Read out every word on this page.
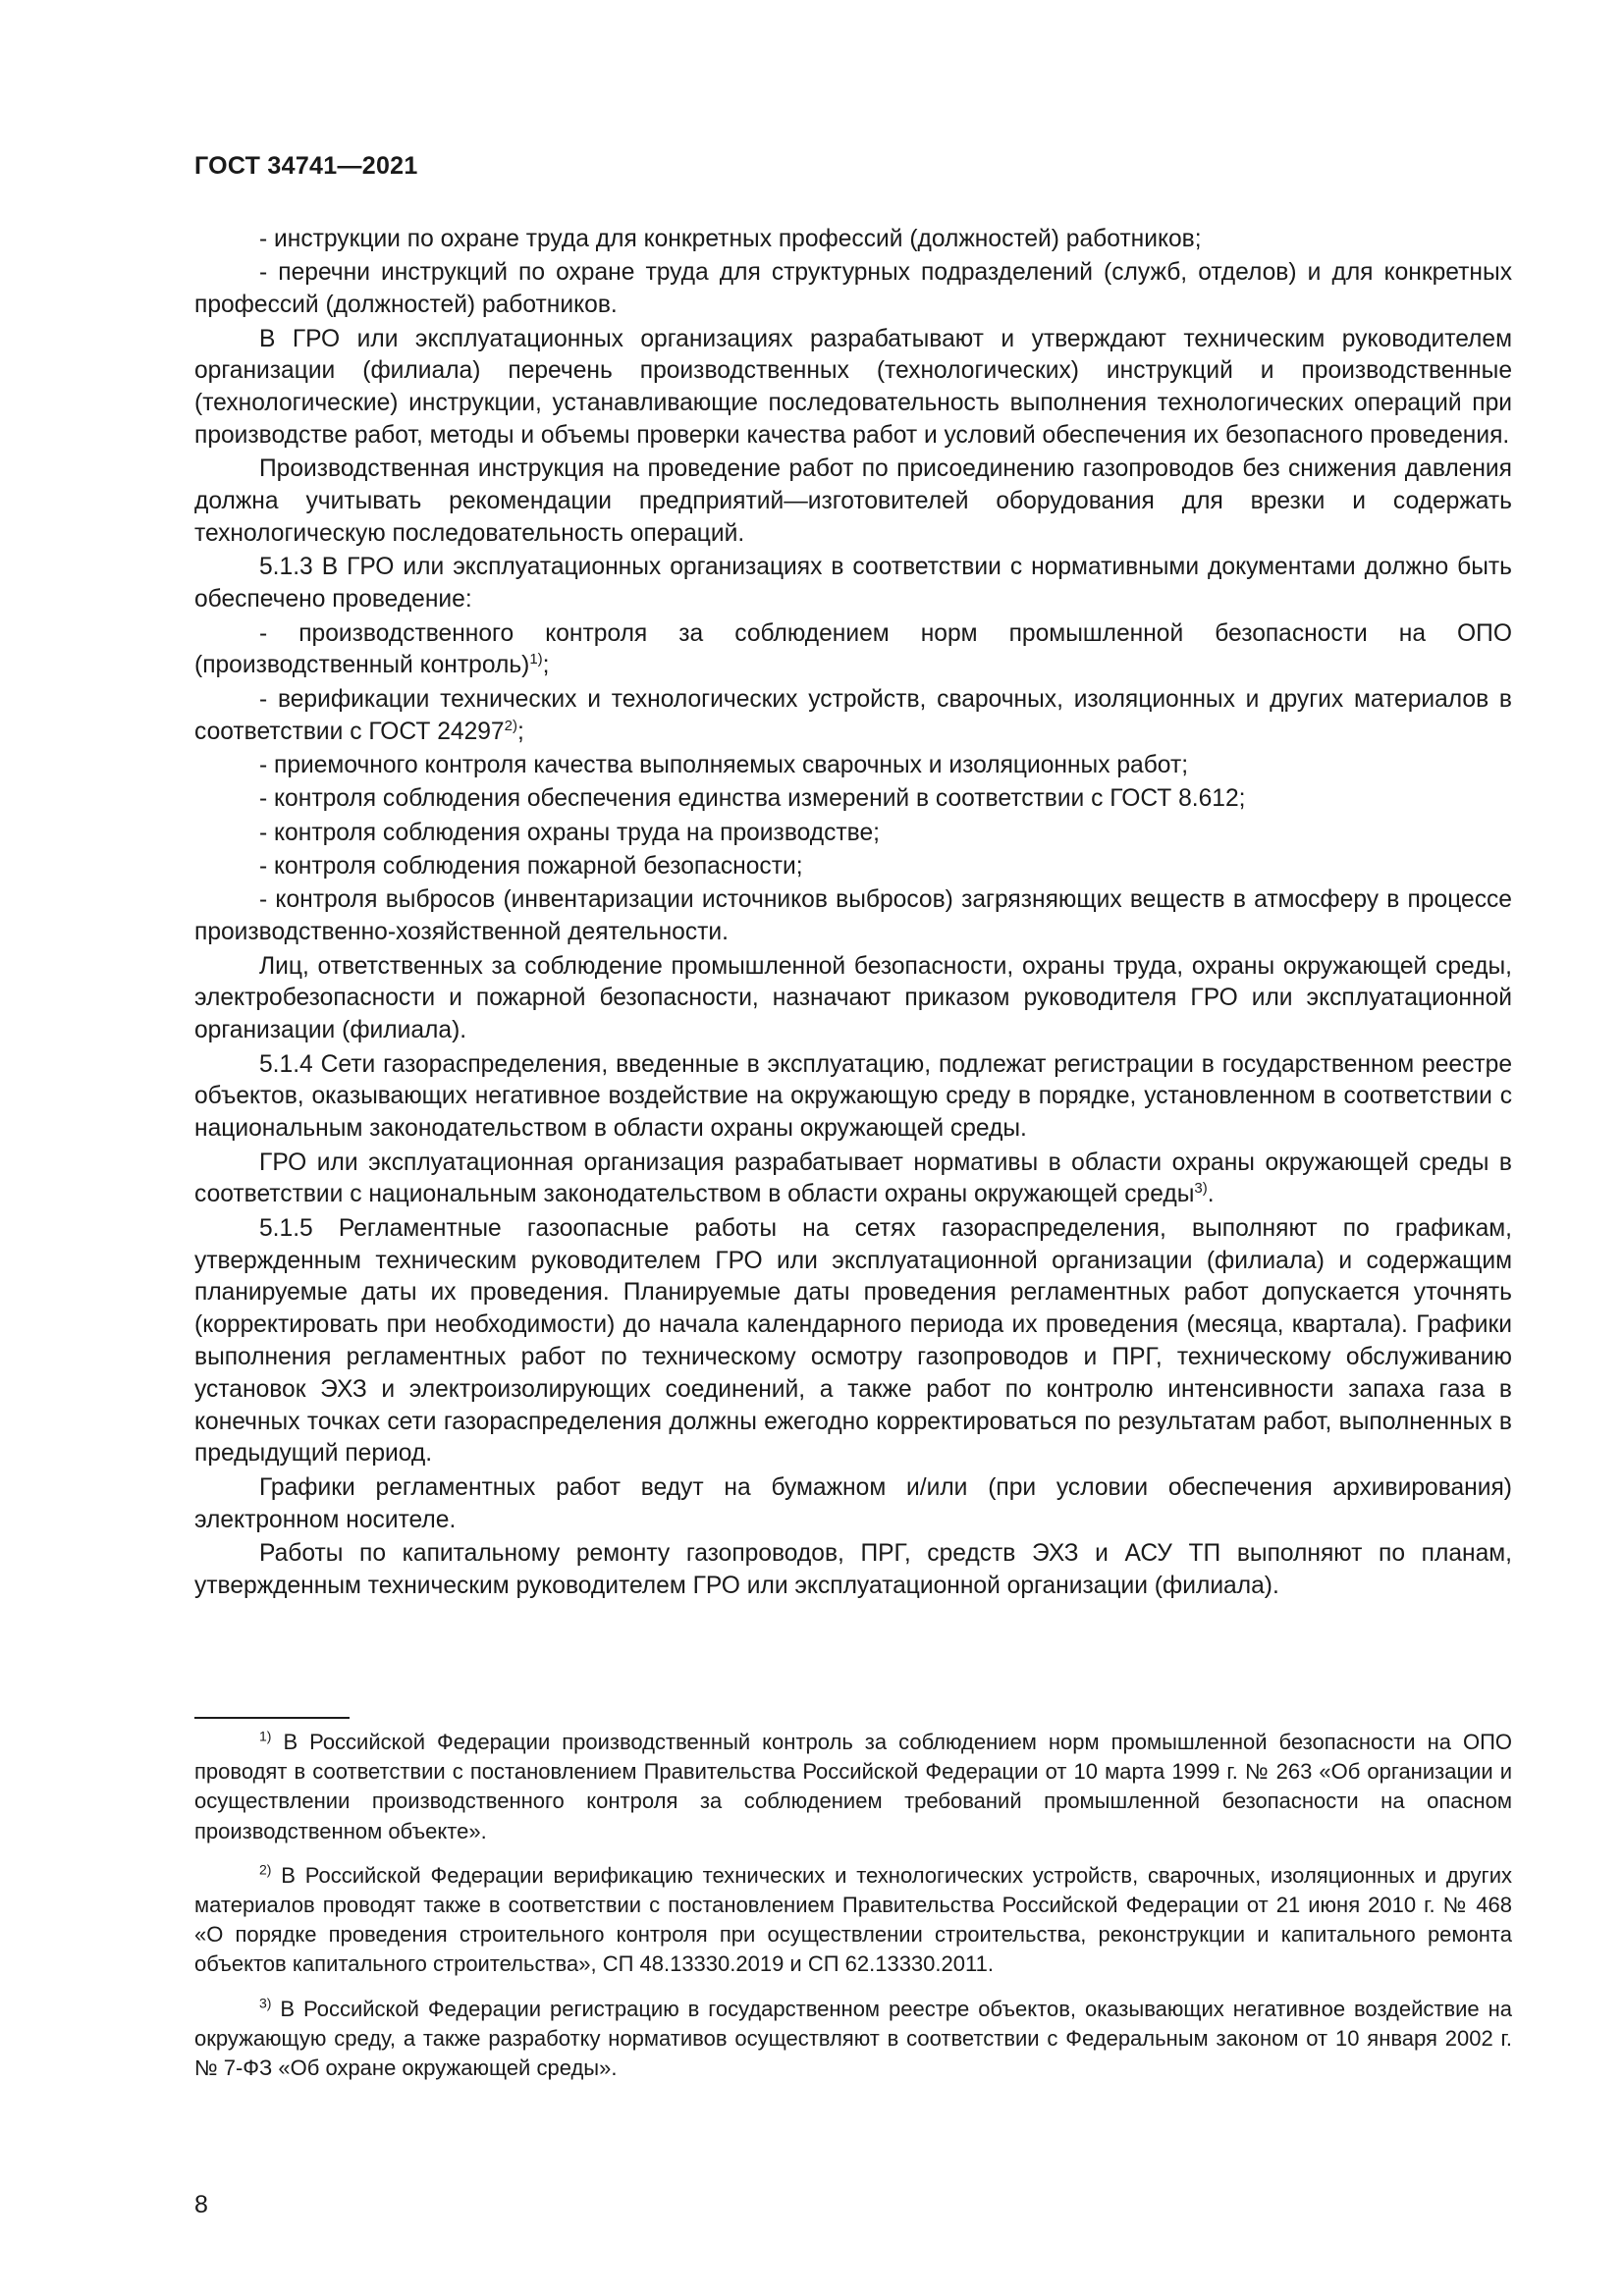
ГОСТ 34741—2021

- инструкции по охране труда для конкретных профессий (должностей) работников;

- перечни инструкций по охране труда для структурных подразделений (служб, отделов) и для конкретных профессий (должностей) работников.

В ГРО или эксплуатационных организациях разрабатывают и утверждают техническим руководителем организации (филиала) перечень производственных (технологических) инструкций и производственные (технологические) инструкции, устанавливающие последовательность выполнения технологических операций при производстве работ, методы и объемы проверки качества работ и условий обеспечения их безопасного проведения.

Производственная инструкция на проведение работ по присоединению газопроводов без снижения давления должна учитывать рекомендации предприятий—изготовителей оборудования для врезки и содержать технологическую последовательность операций.

5.1.3 В ГРО или эксплуатационных организациях в соответствии с нормативными документами должно быть обеспечено проведение:

- производственного контроля за соблюдением норм промышленной безопасности на ОПО (производственный контроль)$^{1)}$;

- верификации технических и технологических устройств, сварочных, изоляционных и других материалов в соответствии с ГОСТ 24297$^{2)}$;

- приемочного контроля качества выполняемых сварочных и изоляционных работ;

- контроля соблюдения обеспечения единства измерений в соответствии с ГОСТ 8.612;

- контроля соблюдения охраны труда на производстве;

- контроля соблюдения пожарной безопасности;

- контроля выбросов (инвентаризации источников выбросов) загрязняющих веществ в атмосферу в процессе производственно-хозяйственной деятельности.

Лиц, ответственных за соблюдение промышленной безопасности, охраны труда, охраны окружающей среды, электробезопасности и пожарной безопасности, назначают приказом руководителя ГРО или эксплуатационной организации (филиала).

5.1.4 Сети газораспределения, введенные в эксплуатацию, подлежат регистрации в государственном реестре объектов, оказывающих негативное воздействие на окружающую среду в порядке, установленном в соответствии с национальным законодательством в области охраны окружающей среды.

ГРО или эксплуатационная организация разрабатывает нормативы в области охраны окружающей среды в соответствии с национальным законодательством в области охраны окружающей среды$^{3)}$.

5.1.5 Регламентные газоопасные работы на сетях газораспределения, выполняют по графикам, утвержденным техническим руководителем ГРО или эксплуатационной организации (филиала) и содержащим планируемые даты их проведения. Планируемые даты проведения регламентных работ допускается уточнять (корректировать при необходимости) до начала календарного периода их проведения (месяца, квартала). Графики выполнения регламентных работ по техническому осмотру газопроводов и ПРГ, техническому обслуживанию установок ЭХЗ и электроизолирующих соединений, а также работ по контролю интенсивности запаха газа в конечных точках сети газораспределения должны ежегодно корректироваться по результатам работ, выполненных в предыдущий период.

Графики регламентных работ ведут на бумажном и/или (при условии обеспечения архивирования) электронном носителе.

Работы по капитальному ремонту газопроводов, ПРГ, средств ЭХЗ и АСУ ТП выполняют по планам, утвержденным техническим руководителем ГРО или эксплуатационной организации (филиала).

$^{1)}$ В Российской Федерации производственный контроль за соблюдением норм промышленной безопасности на ОПО проводят в соответствии с постановлением Правительства Российской Федерации от 10 марта 1999 г. № 263 «Об организации и осуществлении производственного контроля за соблюдением требований промышленной безопасности на опасном производственном объекте».

$^{2)}$ В Российской Федерации верификацию технических и технологических устройств, сварочных, изоляционных и других материалов проводят также в соответствии с постановлением Правительства Российской Федерации от 21 июня 2010 г. № 468 «О порядке проведения строительного контроля при осуществлении строительства, реконструкции и капитального ремонта объектов капитального строительства», СП 48.13330.2019 и СП 62.13330.2011.

$^{3)}$ В Российской Федерации регистрацию в государственном реестре объектов, оказывающих негативное воздействие на окружающую среду, а также разработку нормативов осуществляют в соответствии с Федеральным законом от 10 января 2002 г. № 7-ФЗ «Об охране окружающей среды».

8
